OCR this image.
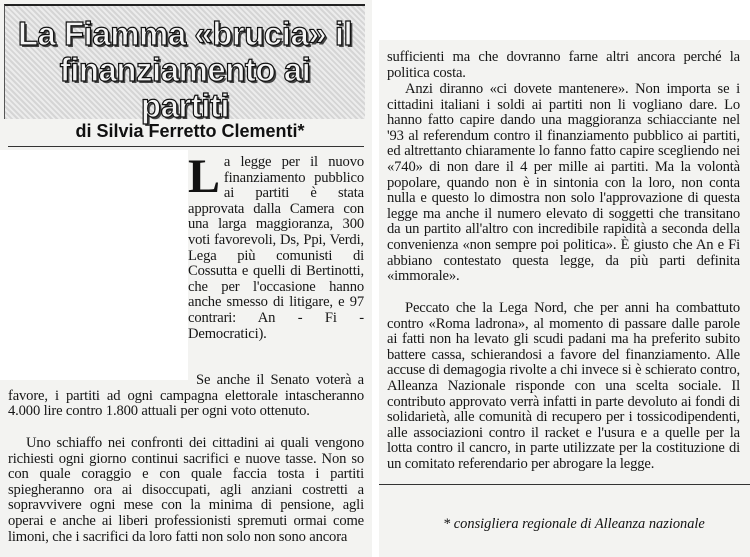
La Fiamma «brucia» il finanziamento ai partiti
di Silvia Ferretto Clementi*
L a legge per il nuovo finanziamento pubblico ai partiti è stata approvata dalla Camera con una larga maggioranza, 300 voti favorevoli, Ds, Ppi, Verdi, Lega più comunisti di Cossutta e quelli di Bertinotti, che per l'occasione hanno anche smesso di litigare, e 97 contrari: An - Fi -Democratici).
Se anche il Senato voterà a favore, i partiti ad ogni campagna elettorale intascheranno 4.000 lire contro 1.800 attuali per ogni voto ottenuto.
Uno schiaffo nei confronti dei cittadini ai quali vengono richiesti ogni giorno continui sacrifici e nuove tasse. Non so con quale coraggio e con quale faccia tosta i partiti spiegheranno ora ai disoccupati, agli anziani costretti a sopravvivere ogni mese con la minima di pensione, agli operai e anche ai liberi professionisti spremuti ormai come limoni, che i sacrifici da loro fatti non solo non sono ancora
sufficienti ma che dovranno farne altri ancora perché la politica costa.
Anzi diranno «ci dovete mantenere». Non importa se i cittadini italiani i soldi ai partiti non li vogliano dare. Lo hanno fatto capire dando una maggioranza schiacciante nel '93 al referendum contro il finanziamento pubblico ai partiti, ed altrettanto chiaramente lo fanno fatto capire scegliendo nei «740» di non dare il 4 per mille ai partiti. Ma la volontà popolare, quando non è in sintonia con la loro, non conta nulla e questo lo dimostra non solo l'approvazione di questa legge ma anche il numero elevato di soggetti che transitano da un partito all'altro con incredibile rapidità a seconda della convenienza «non sempre poi politica». È giusto che An e Fi abbiano contestato questa legge, da più parti definita «immorale».
Peccato che la Lega Nord, che per anni ha combattuto contro «Roma ladrona», al momento di passare dalle parole ai fatti non ha levato gli scudi padani ma ha preferito subito battere cassa, schierandosi a favore del finanziamento. Alle accuse di demagogia rivolte a chi invece si è schierato contro, Alleanza Nazionale risponde con una scelta sociale. Il contributo approvato verrà infatti in parte devoluto ai fondi di solidarietà, alle comunità di recupero per i tossicodipendenti, alle associazioni contro il racket e l'usura e a quelle per la lotta contro il cancro, in parte utilizzate per la costituzione di un comitato referendario per abrogare la legge.
* consigliera regionale di Alleanza nazionale
